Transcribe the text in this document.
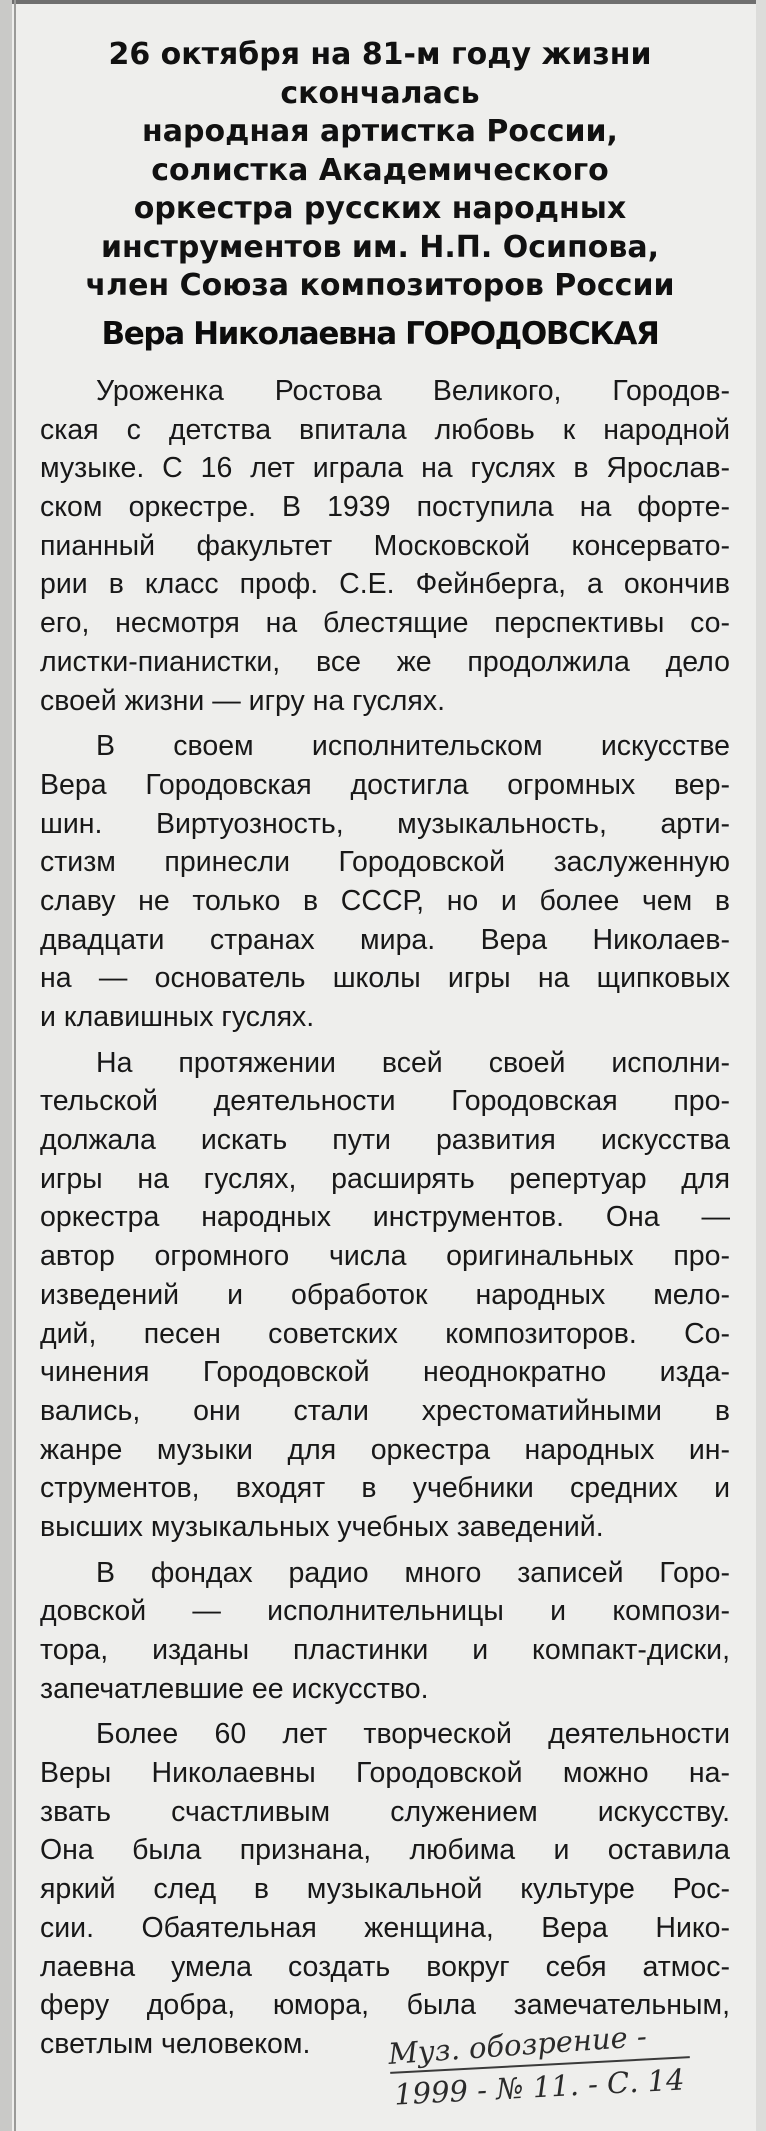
26 октября на 81-м году жизни
скончалась
народная артистка России,
солистка Академического
оркестра русских народных
инструментов им. Н.П. Осипова,
член Союза композиторов России
Вера Николаевна ГОРОДОВСКАЯ
Уроженка Ростова Великого, Городов-
ская с детства впитала любовь к народной
музыке. С 16 лет играла на гуслях в Ярослав-
ском оркестре. В 1939 поступила на форте-
пианный факультет Московской консервато-
рии в класс проф. С.Е. Фейнберга, а окончив
его, несмотря на блестящие перспективы со-
листки-пианистки, все же продолжила дело
своей жизни — игру на гуслях.
В своем исполнительском искусстве
Вера Городовская достигла огромных вер-
шин. Виртуозность, музыкальность, арти-
стизм принесли Городовской заслуженную
славу не только в СССР, но и более чем в
двадцати странах мира. Вера Николаев-
на — основатель школы игры на щипковых
и клавишных гуслях.
На протяжении всей своей исполни-
тельской деятельности Городовская про-
должала искать пути развития искусства
игры на гуслях, расширять репертуар для
оркестра народных инструментов. Она —
автор огромного числа оригинальных про-
изведений и обработок народных мело-
дий, песен советских композиторов. Со-
чинения Городовской неоднократно изда-
вались, они стали хрестоматийными в
жанре музыки для оркестра народных ин-
струментов, входят в учебники средних и
высших музыкальных учебных заведений.
В фондах радио много записей Горо-
довской — исполнительницы и компози-
тора, изданы пластинки и компакт-диски,
запечатлевшие ее искусство.
Более 60 лет творческой деятельности
Веры Николаевны Городовской можно на-
звать счастливым служением искусству.
Она была признана, любима и оставила
яркий след в музыкальной культуре Рос-
сии. Обаятельная женщина, Вера Нико-
лаевна умела создать вокруг себя атмос-
феру добра, юмора, была замечательным,
светлым человеком.	Муз. обозрение -
1999 - № 11. - С. 14
